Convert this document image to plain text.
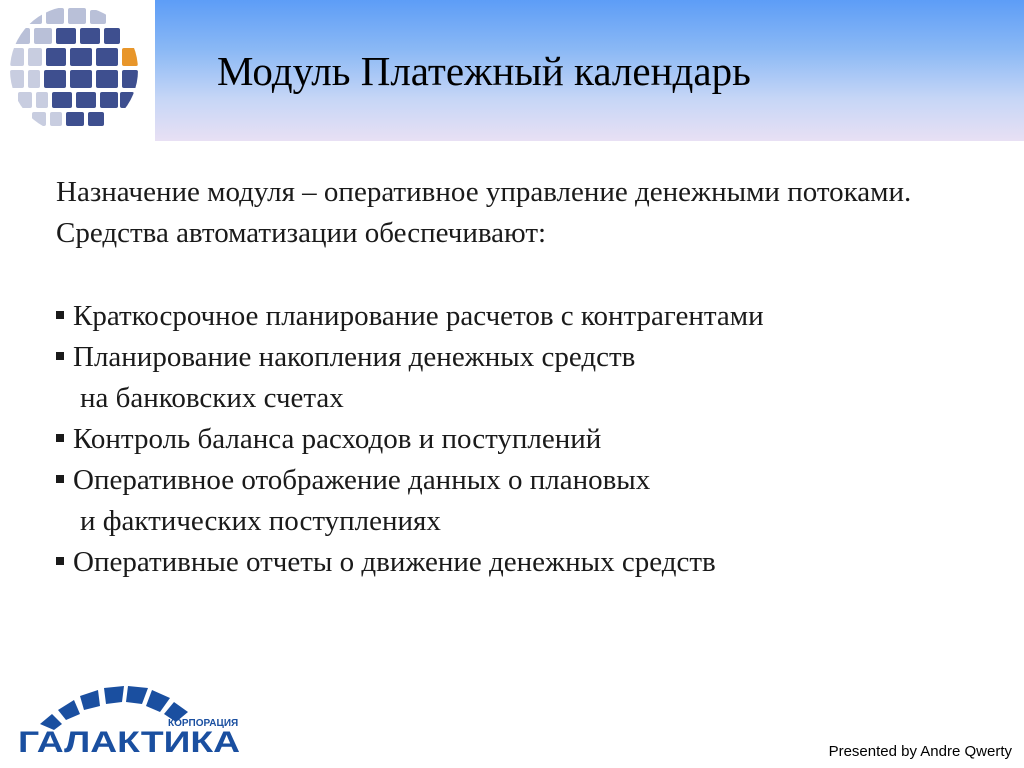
Модуль Платежный календарь
Назначение модуля – оперативное управление денежными потоками. Средства автоматизации обеспечивают:
Краткосрочное планирование расчетов с контрагентами
Планирование накопления денежных средств
на банковских счетах
Контроль баланса расходов и поступлений
Оперативное отображение данных о плановых
и фактических поступлениях
Оперативные отчеты о движение денежных средств
КОРПОРАЦИЯ
ГАЛАКТИКА	Presented by Andre Qwerty
